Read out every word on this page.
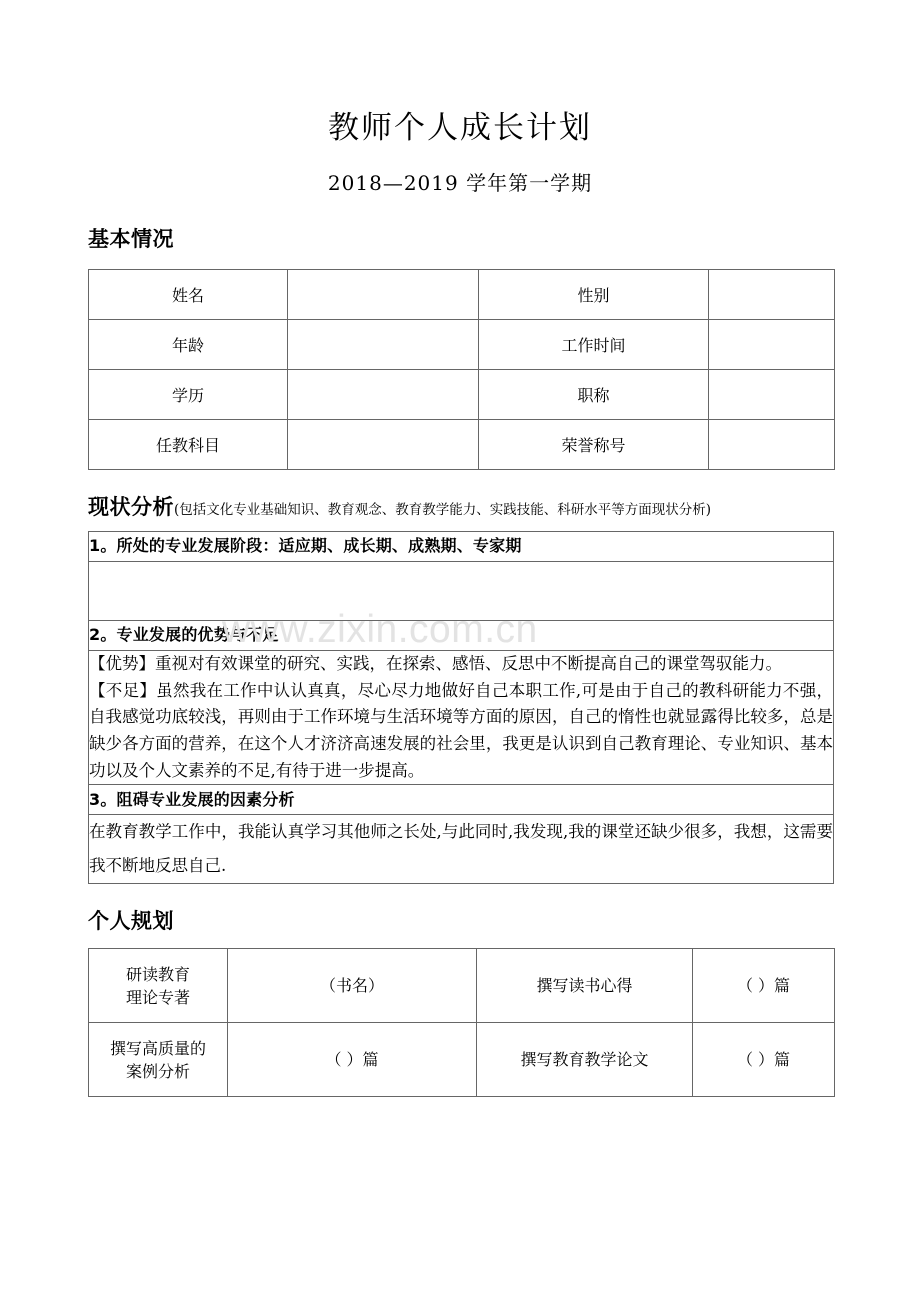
www.zixin.com.cn
教师个人成长计划
2018—2019 学年第一学期
基本情况
姓名		性别	
年龄		工作时间	
学历		职称	
任教科目		荣誉称号	
现状分析(包括文化专业基础知识、教育观念、教育教学能力、实践技能、科研水平等方面现状分析)
1。所处的专业发展阶段：适应期、成长期、成熟期、专家期

2。专业发展的优势与不足

【优势】重视对有效课堂的研究、实践，在探索、感悟、反思中不断提高自己的课堂驾驭能力。
【不足】虽然我在工作中认认真真，尽心尽力地做好自己本职工作,可是由于自己的教科研能力不强，自我感觉功底较浅，再则由于工作环境与生活环境等方面的原因，自己的惰性也就显露得比较多，总是缺少各方面的营养，在这个人才济济高速发展的社会里，我更是认识到自己教育理论、专业知识、基本功以及个人文素养的不足,有待于进一步提高。

3。阻碍专业发展的因素分析

在教育教学工作中，我能认真学习其他师之长处,与此同时,我发现,我的课堂还缺少很多，我想，这需要我不断地反思自己.
个人规划
研读教育
理论专著	（书名）	撰写读书心得	（ ）篇
撰写高质量的
案例分析	（ ）篇	撰写教育教学论文	（ ）篇
